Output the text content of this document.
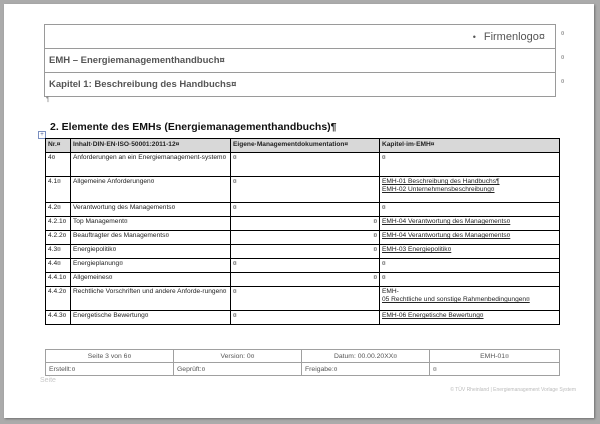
• Firmenlogo¤
EMH – Energiemanagementhandbuch¤
Kapitel 1: Beschreibung des Handbuchs¤
¤
¤
¤
¶
2. Elemente des EMHs (Energiemanagementhandbuchs)¶
+
Nr.¤	Inhalt·DIN·EN·ISO·50001:2011-12¤	Eigene·Managementdokumentation¤	Kapitel·im·EMH¤
4¤	Anforderungen an ein Energiemanagement-system¤	¤	¤
4.1¤	Allgemeine Anforderungen¤	¤	EMH-01 Beschreibung des Handbuchs¶
EMH-02 Unternehmensbeschreibung¤

4.2¤	Verantwortung des Managements¤	¤	¤
4.2.1¤	Top Management¤	¤	EMH-04 Verantwortung des Managements¤
4.2.2¤	Beauftragter des Managements¤	¤	EMH-04 Verantwortung des Managements¤
4.3¤	Energiepolitik¤	¤	EMH-03 Energiepolitik¤
4.4¤	Energieplanung¤	¤	¤
4.4.1¤	Allgemeines¤	¤	¤
4.4.2¤	Rechtliche Vorschriften und andere Anforde-rungen¤	¤	EMH-
05 Rechtliche und sonstige Rahmenbedingungen¤

4.4.3¤	Energetische Bewertung¤	¤	EMH-06 Energetische Bewertung¤
Seite 3 von 6¤	Version: 0¤	Datum: 00.00.20XX¤	EMH-01¤
Erstellt:¤	Geprüft:¤	Freigabe:¤	¤
Seite
© TÜV Rheinland | Energiemanagement Vorlage System
